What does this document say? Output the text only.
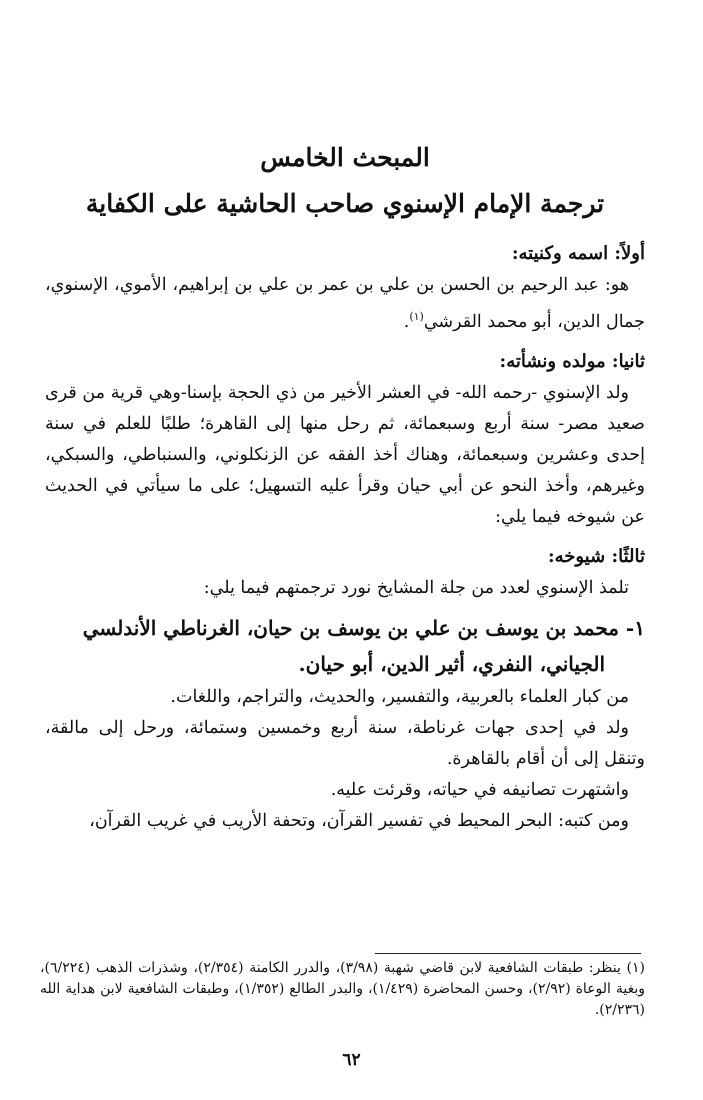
المبحث الخامس
ترجمة الإمام الإسنوي صاحب الحاشية على الكفاية

أولاً: اسمه وكنيته:

هو: عبد الرحيم بن الحسن بن علي بن عمر بن علي بن إبراهيم، الأموي، الإسنوي، جمال الدين، أبو محمد القرشي$^{(١)}$.

ثانيا: مولده ونشأته:

ولد الإسنوي -رحمه الله- في العشر الأخير من ذي الحجة بإسنا-وهي قرية من قرى صعيد مصر- سنة أربع وسبعمائة، ثم رحل منها إلى القاهرة؛ طلبًا للعلم في سنة إحدى وعشرين وسبعمائة، وهناك أخذ الفقه عن الزنكلوني، والسنباطي، والسبكي، وغيرهم، وأخذ النحو عن أبي حيان وقرأ عليه التسهيل؛ على ما سيأتي في الحديث عن شيوخه فيما يلي:

ثالثًا: شيوخه:

تلمذ الإسنوي لعدد من جلة المشايخ نورد ترجمتهم فيما يلي:

١- محمد بن يوسف بن علي بن يوسف بن حيان، الغرناطي الأندلسي
الجياني، النفري، أثير الدين، أبو حيان.

من كبار العلماء بالعربية، والتفسير، والحديث، والتراجم، واللغات.

ولد في إحدى جهات غرناطة، سنة أربع وخمسين وستمائة، ورحل إلى مالقة، وتنقل إلى أن أقام بالقاهرة.

واشتهرت تصانيفه في حياته، وقرئت عليه.

ومن كتبه: البحر المحيط في تفسير القرآن، وتحفة الأريب في غريب القرآن،

(١) ينظر: طبقات الشافعية لابن قاضي شهبة (٣/٩٨)، والدرر الكامنة (٢/٣٥٤)، وشذرات الذهب (٦/٢٢٤)، وبغية الوعاة (٢/٩٢)، وحسن المحاضرة (١/٤٢٩)، والبدر الطالع (١/٣٥٢)، وطبقات الشافعية لابن هداية الله (٢/٢٣٦).
٦٢
